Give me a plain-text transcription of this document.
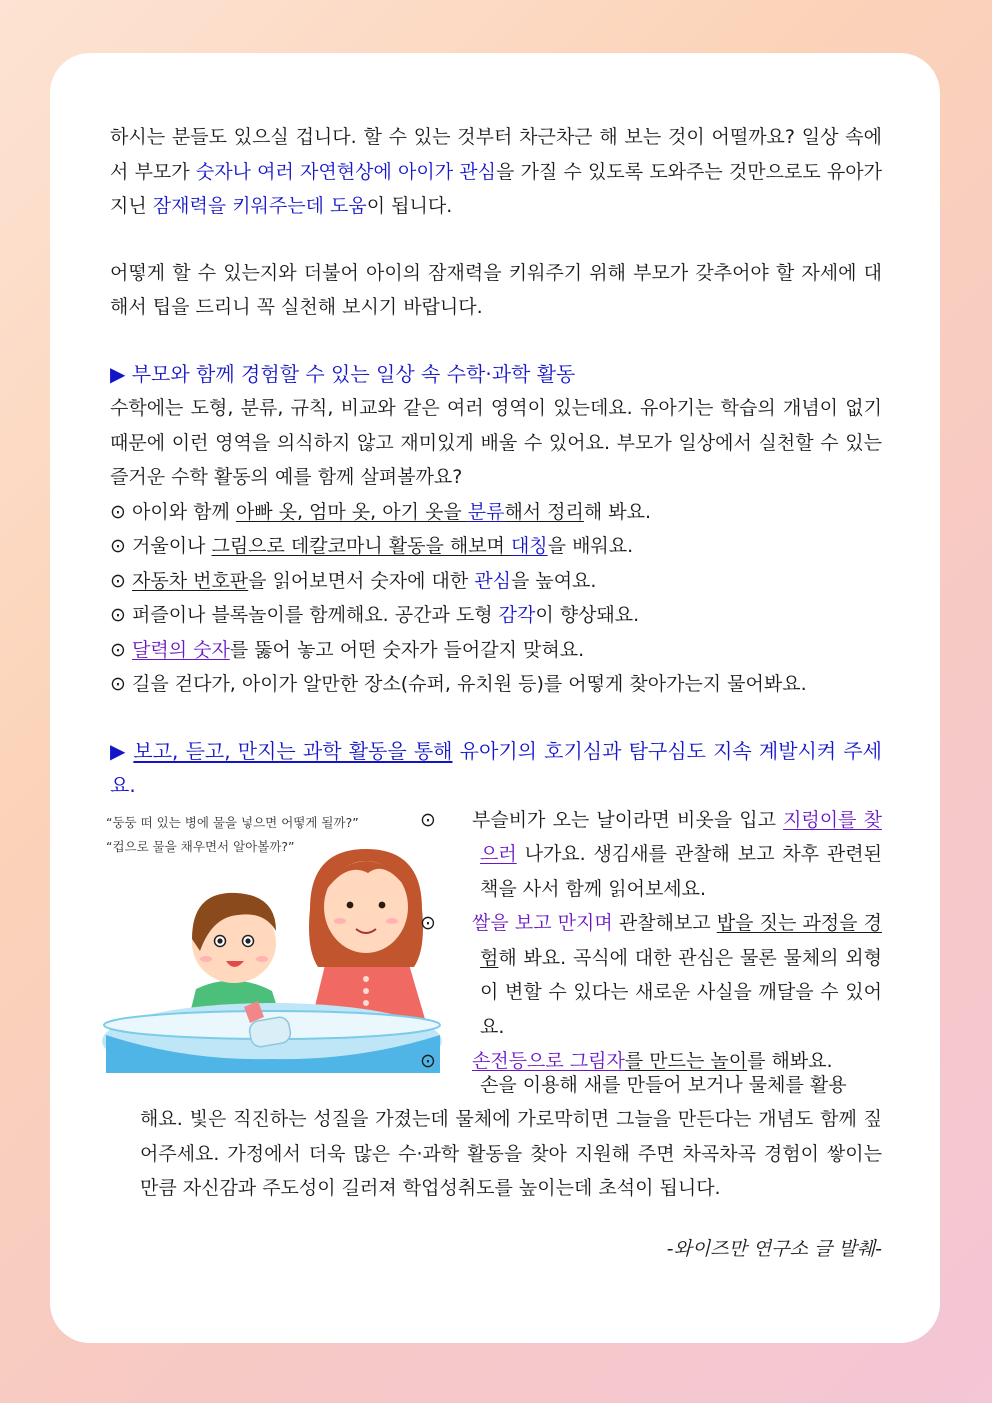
하시는 분들도 있으실 겁니다. 할 수 있는 것부터 차근차근 해 보는 것이 어떨까요? 일상 속에서 부모가 숫자나 여러 자연현상에 아이가 관심을 가질 수 있도록 도와주는 것만으로도 유아가 지닌 잠재력을 키워주는데 도움이 됩니다.

어떻게 할 수 있는지와 더불어 아이의 잠재력을 키워주기 위해 부모가 갖추어야 할 자세에 대해서 팁을 드리니 꼭 실천해 보시기 바랍니다.

▶ 부모와 함께 경험할 수 있는 일상 속 수학·과학 활동

수학에는 도형, 분류, 규칙, 비교와 같은 여러 영역이 있는데요. 유아기는 학습의 개념이 없기 때문에 이런 영역을 의식하지 않고 재미있게 배울 수 있어요. 부모가 일상에서 실천할 수 있는 즐거운 수학 활동의 예를 함께 살펴볼까요?

⊙ 아이와 함께 아빠 옷, 엄마 옷, 아기 옷을 분류해서 정리해 봐요.
⊙ 거울이나 그림으로 데칼코마니 활동을 해보며 대칭을 배워요.
⊙ 자동차 번호판을 읽어보면서 숫자에 대한 관심을 높여요.
⊙ 퍼즐이나 블록놀이를 함께해요. 공간과 도형 감각이 향상돼요.
⊙ 달력의 숫자를 뚫어 놓고 어떤 숫자가 들어갈지 맞혀요.
⊙ 길을 걷다가, 아이가 알만한 장소(슈퍼, 유치원 등)를 어떻게 찾아가는지 물어봐요.

▶ 보고, 듣고, 만지는 과학 활동을 통해 유아기의 호기심과 탐구심도 지속 계발시켜 주세요.

“둥둥 떠 있는 병에 물을 넣으면 어떻게 될까?”
“컵으로 물을 채우면서 알아볼까?”
⊙ 부슬비가 오는 날이라면 비옷을 입고 지렁이를 찾으러 나가요. 생김새를 관찰해 보고 차후 관련된 책을 사서 함께 읽어보세요.
⊙ 쌀을 보고 만지며 관찰해보고 밥을 짓는 과정을 경험해 봐요. 곡식에 대한 관심은 물론 물체의 외형이 변할 수 있다는 새로운 사실을 깨달을 수 있어요.
⊙ 손전등으로 그림자를 만드는 놀이를 해봐요.

손을 이용해 새를 만들어 보거나 물체를 활용

해요. 빛은 직진하는 성질을 가졌는데 물체에 가로막히면 그늘을 만든다는 개념도 함께 짚어주세요. 가정에서 더욱 많은 수·과학 활동을 찾아 지원해 주면 차곡차곡 경험이 쌓이는 만큼 자신감과 주도성이 길러져 학업성취도를 높이는데 초석이 됩니다.

-와이즈만 연구소 글 발췌-
